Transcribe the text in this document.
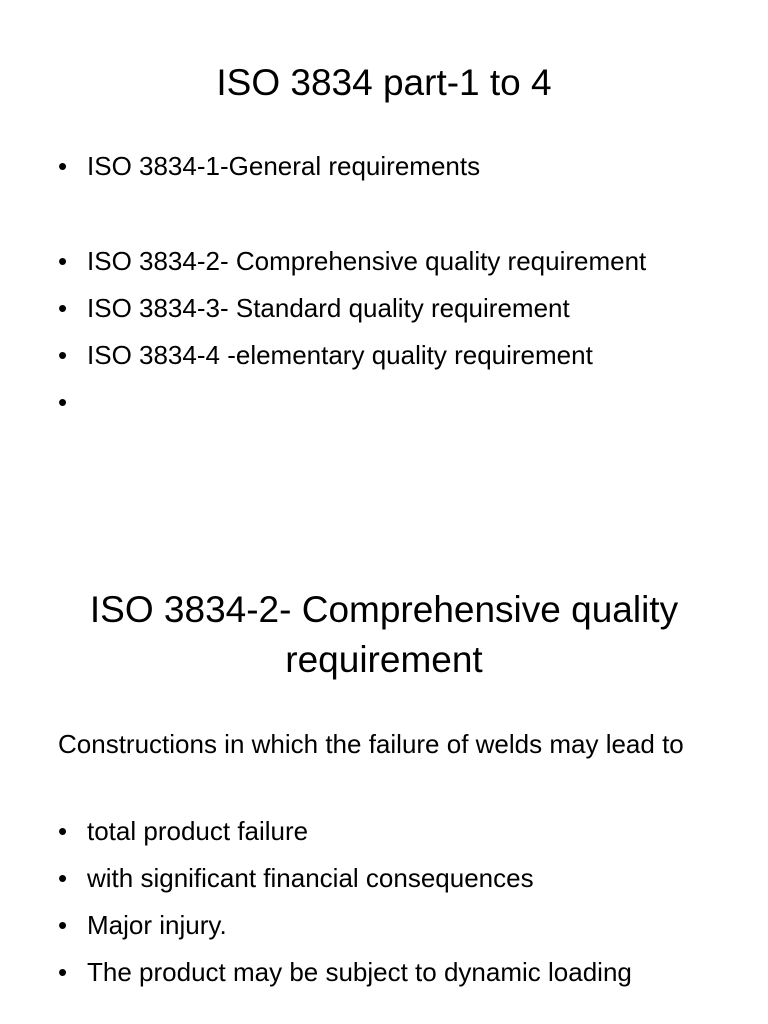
ISO 3834 part-1 to 4
• ISO 3834-1-General requirements
• ISO 3834-2- Comprehensive quality requirement
• ISO 3834-3- Standard quality requirement
• ISO 3834-4 -elementary quality requirement
•
ISO 3834-2- Comprehensive quality requirement

Constructions in which the failure of welds may lead to

• total product failure
• with significant financial consequences
• Major injury.
• The product may be subject to dynamic loading
